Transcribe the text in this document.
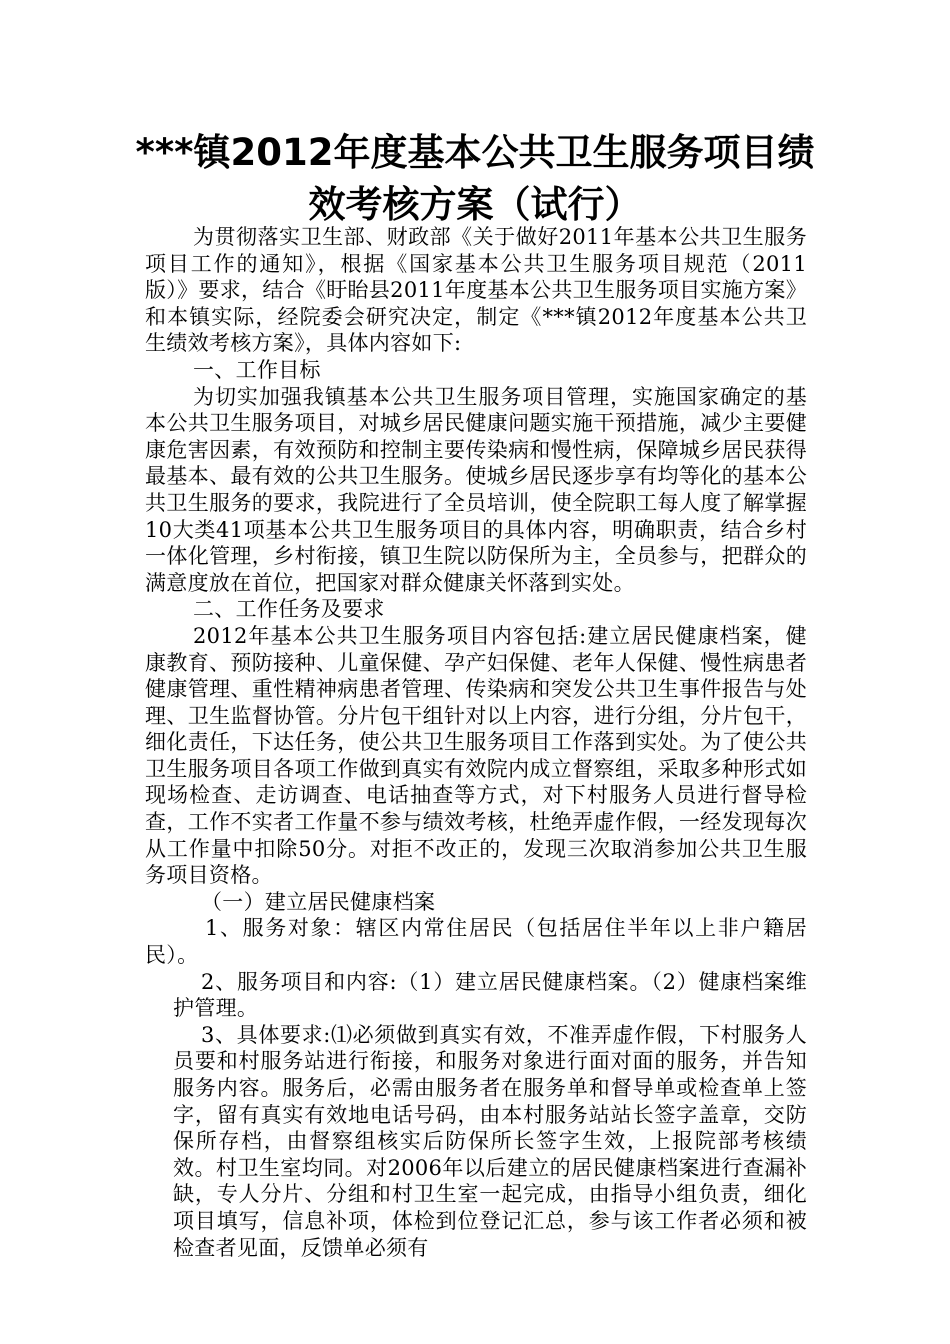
***镇2012年度基本公共卫生服务项目绩
效考核方案（试行）

为贯彻落实卫生部、财政部《关于做好2011年基本公共卫生服务项目工作的通知》，根据《国家基本公共卫生服务项目规范（2011版）》要求，结合《盱眙县2011年度基本公共卫生服务项目实施方案》和本镇实际，经院委会研究决定，制定《***镇2012年度基本公共卫生绩效考核方案》，具体内容如下:

一、工作目标

为切实加强我镇基本公共卫生服务项目管理，实施国家确定的基本公共卫生服务项目，对城乡居民健康问题实施干预措施，减少主要健康危害因素，有效预防和控制主要传染病和慢性病，保障城乡居民获得最基本、最有效的公共卫生服务。使城乡居民逐步享有均等化的基本公共卫生服务的要求，我院进行了全员培训，使全院职工每人度了解掌握10大类41项基本公共卫生服务项目的具体内容，明确职责，结合乡村一体化管理，乡村衔接，镇卫生院以防保所为主，全员参与，把群众的满意度放在首位，把国家对群众健康关怀落到实处。

二、工作任务及要求

2012年基本公共卫生服务项目内容包括:建立居民健康档案，健康教育、预防接种、儿童保健、孕产妇保健、老年人保健、慢性病患者健康管理、重性精神病患者管理、传染病和突发公共卫生事件报告与处理、卫生监督协管。分片包干组针对以上内容，进行分组，分片包干，细化责任，下达任务，使公共卫生服务项目工作落到实处。为了使公共卫生服务项目各项工作做到真实有效院内成立督察组，采取多种形式如现场检查、走访调查、电话抽查等方式，对下村服务人员进行督导检查，工作不实者工作量不参与绩效考核，杜绝弄虚作假，一经发现每次从工作量中扣除50分。对拒不改正的，发现三次取消参加公共卫生服务项目资格。

（一）建立居民健康档案

1、服务对象：辖区内常住居民（包括居住半年以上非户籍居民）。

2、服务项目和内容:（1）建立居民健康档案。（2）健康档案维护管理。

3、具体要求:⑴必须做到真实有效，不准弄虚作假，下村服务人员要和村服务站进行衔接，和服务对象进行面对面的服务，并告知服务内容。服务后，必需由服务者在服务单和督导单或检查单上签字，留有真实有效地电话号码，由本村服务站站长签字盖章，交防保所存档，由督察组核实后防保所长签字生效，上报院部考核绩效。村卫生室均同。对2006年以后建立的居民健康档案进行查漏补缺，专人分片、分组和村卫生室一起完成，由指导小组负责，细化项目填写，信息补项，体检到位登记汇总，参与该工作者必须和被检查者见面，反馈单必须有
